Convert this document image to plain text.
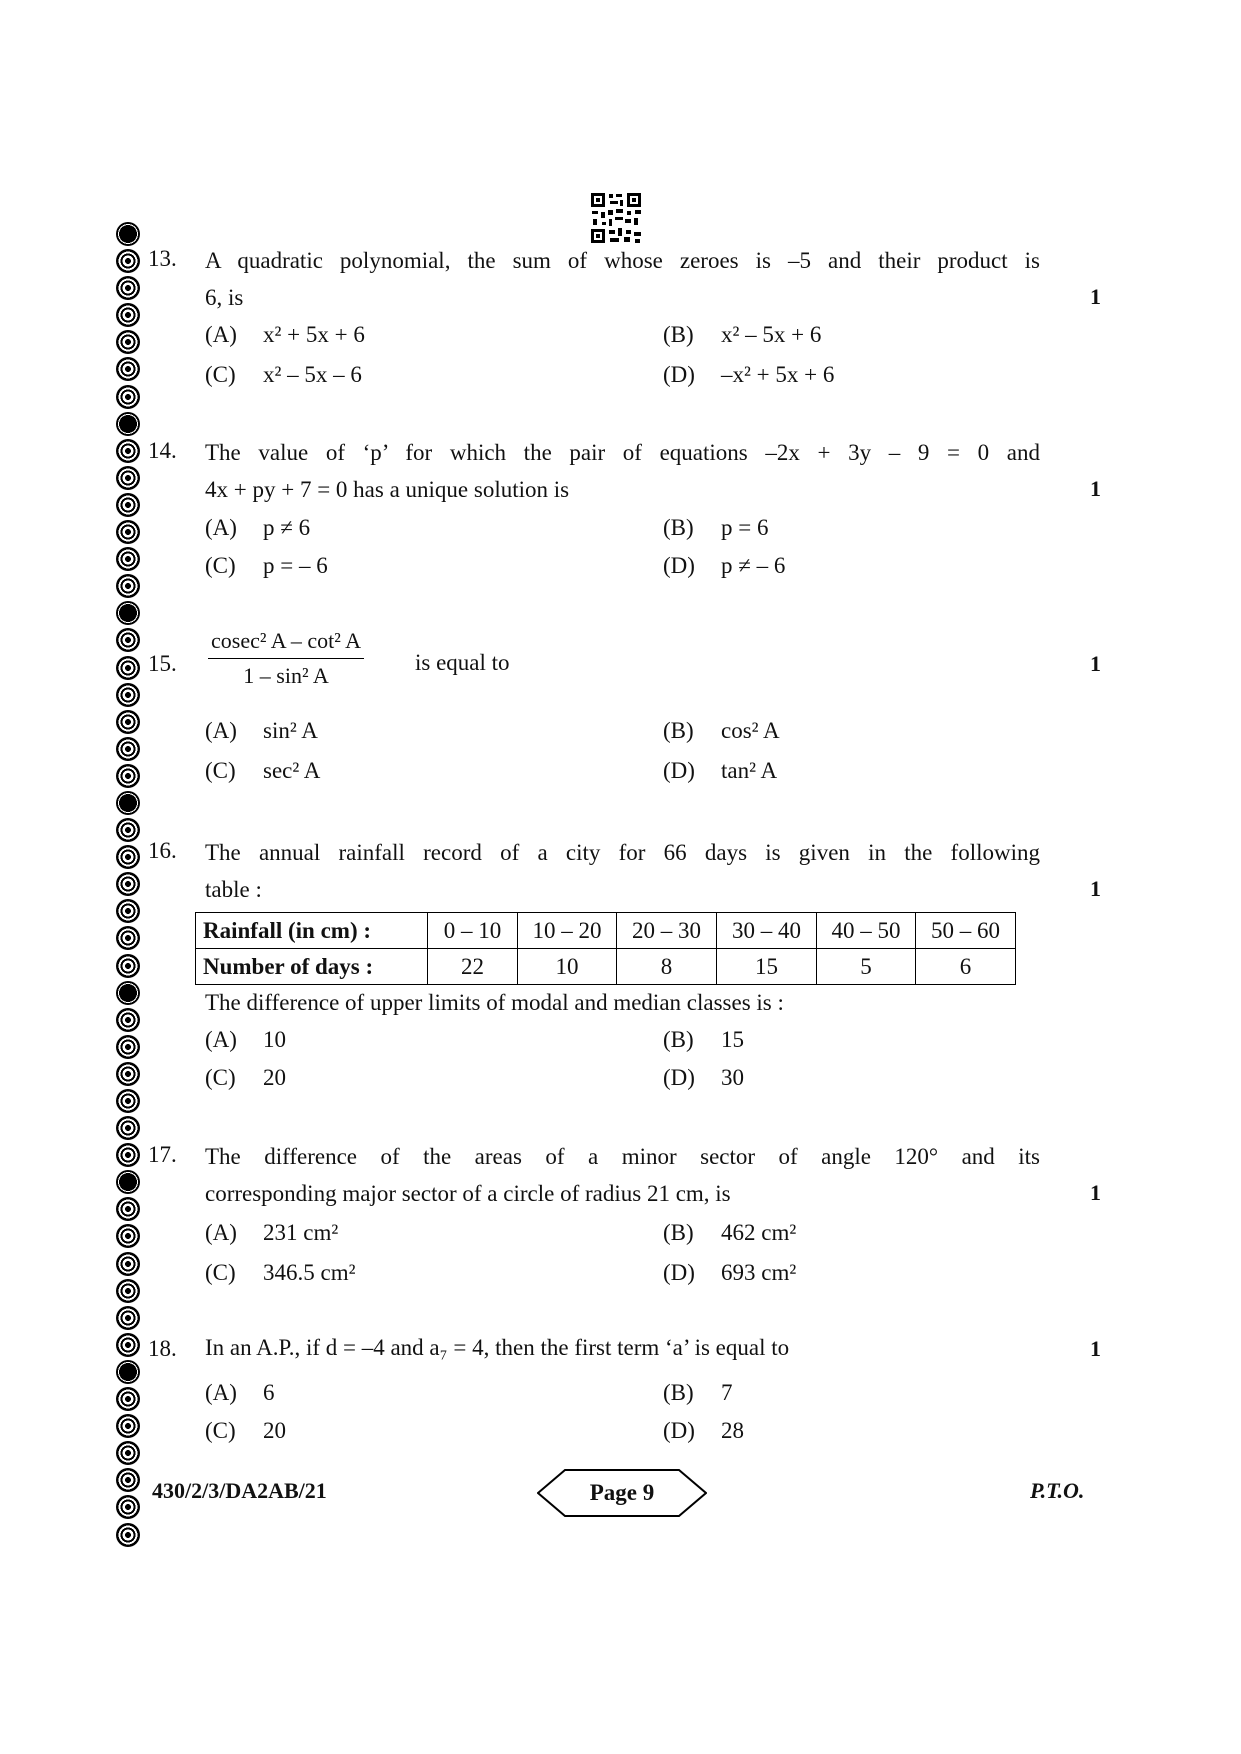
13. A quadratic polynomial, the sum of whose zeroes is –5 and their product is
6, is	1
(A) x² + 5x + 6	(B) x² – 5x + 6
(C) x² – 5x – 6	(D) –x² + 5x + 6
14. The value of ‘p’ for which the pair of equations –2x + 3y – 9 = 0 and
4x + py + 7 = 0 has a unique solution is	1
(A) p ≠ 6	(B) p = 6
(C) p = – 6	(D) p ≠ – 6
15. $\frac{\text{cosec² A – cot² A}}{\text{1 – sin² A}}$ is equal to	1
(A) sin² A	(B) cos² A
(C) sec² A	(D) tan² A
16. The annual rainfall record of a city for 66 days is given in the following
table :	1
Rainfall (in cm) :	0 – 10	10 – 20	20 – 30	30 – 40	40 – 50	50 – 60
Number of days :	22	10	8	15	5	6
The difference of upper limits of modal and median classes is :
(A) 10	(B) 15
(C) 20	(D) 30
17. The difference of the areas of a minor sector of angle 120° and its
corresponding major sector of a circle of radius 21 cm, is	1
(A) 231 cm²	(B) 462 cm²
(C) 346.5 cm²	(D) 693 cm²
18. In an A.P., if d = –4 and a₇ = 4, then the first term ‘a’ is equal to	1
(A) 6	(B) 7
(C) 20	(D) 28
430/2/3/DA2AB/21	Page 9	P.T.O.
